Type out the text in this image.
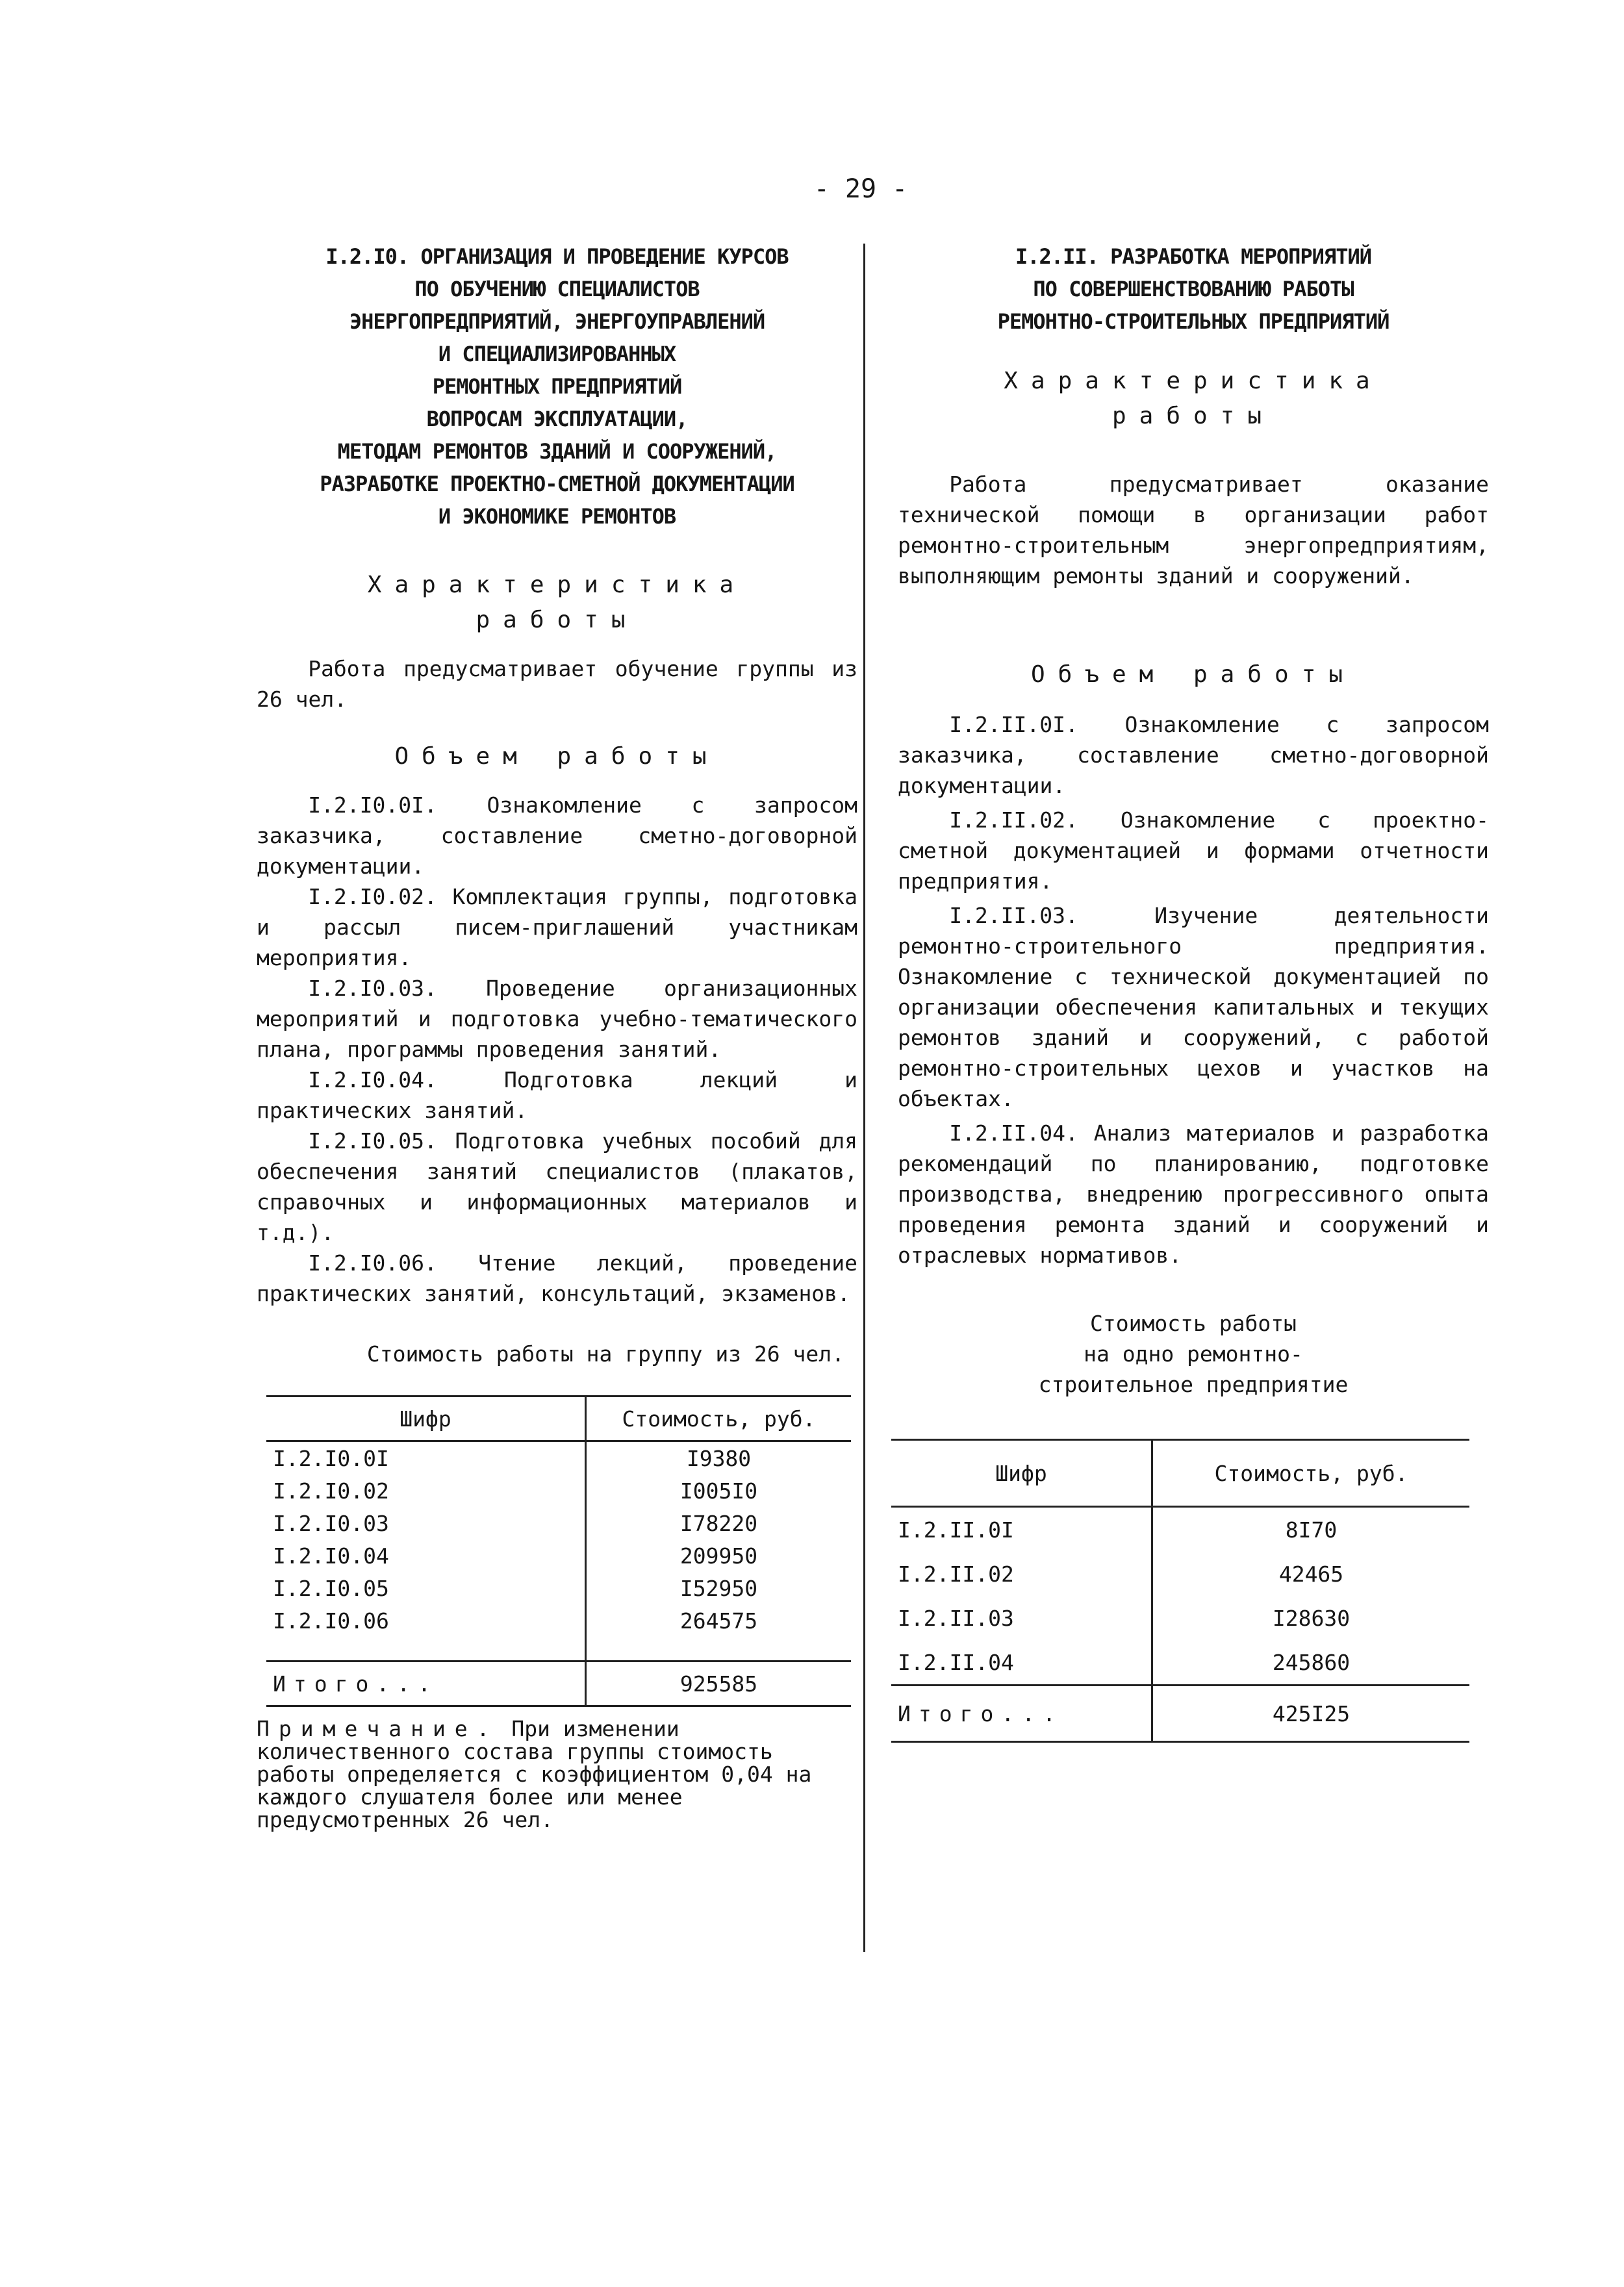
- 29 -
I.2.I0. ОРГАНИЗАЦИЯ И ПРОВЕДЕНИЕ КУРСОВ
ПО ОБУЧЕНИЮ СПЕЦИАЛИСТОВ
ЭНЕРГОПРЕДПРИЯТИЙ, ЭНЕРГОУПРАВЛЕНИЙ
И СПЕЦИАЛИЗИРОВАННЫХ
РЕМОНТНЫХ ПРЕДПРИЯТИЙ
ВОПРОСАМ ЭКСПЛУАТАЦИИ,
МЕТОДАМ РЕМОНТОВ ЗДАНИЙ И СООРУЖЕНИЙ,
РАЗРАБОТКЕ ПРОЕКТНО-СМЕТНОЙ ДОКУМЕНТАЦИИ
И ЭКОНОМИКЕ РЕМОНТОВ
Характеристика
работы

Работа предусматривает обучение группы из 26 чел.

Объем работы

I.2.I0.0I. Ознакомление с запросом заказчика, составление сметно-договорной документации.

I.2.I0.02. Комплектация группы, подготовка и рассыл писем-приглашений участникам мероприятия.

I.2.I0.03. Проведение организационных мероприятий и подготовка учебно-тематического плана, программы проведения занятий.

I.2.I0.04. Подготовка лекций и практических занятий.

I.2.I0.05. Подготовка учебных пособий для обеспечения занятий специалистов (плакатов, справочных и информационных материалов и т.д.).

I.2.I0.06. Чтение лекций, проведение практических занятий, консультаций, экзаменов.

Стоимость работы на группу из 26 чел.
Шифр	Стоимость, руб.
I.2.I0.0I	I9380
I.2.I0.02	I005I0
I.2.I0.03	I78220
I.2.I0.04	209950
I.2.I0.05	I52950
I.2.I0.06	264575

Итого...	925585
Примечание. При изменении количественного состава группы стоимость работы определяется с коэффициентом 0,04 на каждого слушателя более или менее предусмотренных 26 чел.
I.2.II. РАЗРАБОТКА МЕРОПРИЯТИЙ
ПО СОВЕРШЕНСТВОВАНИЮ РАБОТЫ
РЕМОНТНО-СТРОИТЕЛЬНЫХ ПРЕДПРИЯТИЙ
Характеристика
работы

Работа предусматривает оказание технической помощи в организации работ ремонтно-строительным энергопредприятиям, выполняющим ремонты зданий и сооружений.

Объем работы

I.2.II.0I. Ознакомление с запросом заказчика, составление сметно-договорной документации.

I.2.II.02. Ознакомление с проектно-сметной документацией и формами отчетности предприятия.

I.2.II.03. Изучение деятельности ремонтно-строительного предприятия. Ознакомление с технической документацией по организации обеспечения капитальных и текущих ремонтов зданий и сооружений, с работой ремонтно-строительных цехов и участков на объектах.

I.2.II.04. Анализ материалов и разработка рекомендаций по планированию, подготовке производства, внедрению прогрессивного опыта проведения ремонта зданий и сооружений и отраслевых нормативов.

Стоимость работы
на одно ремонтно-
строительное предприятие
Шифр	Стоимость, руб.
I.2.II.0I	8I70
I.2.II.02	42465
I.2.II.03	I28630
I.2.II.04	245860
Итого...	425I25
